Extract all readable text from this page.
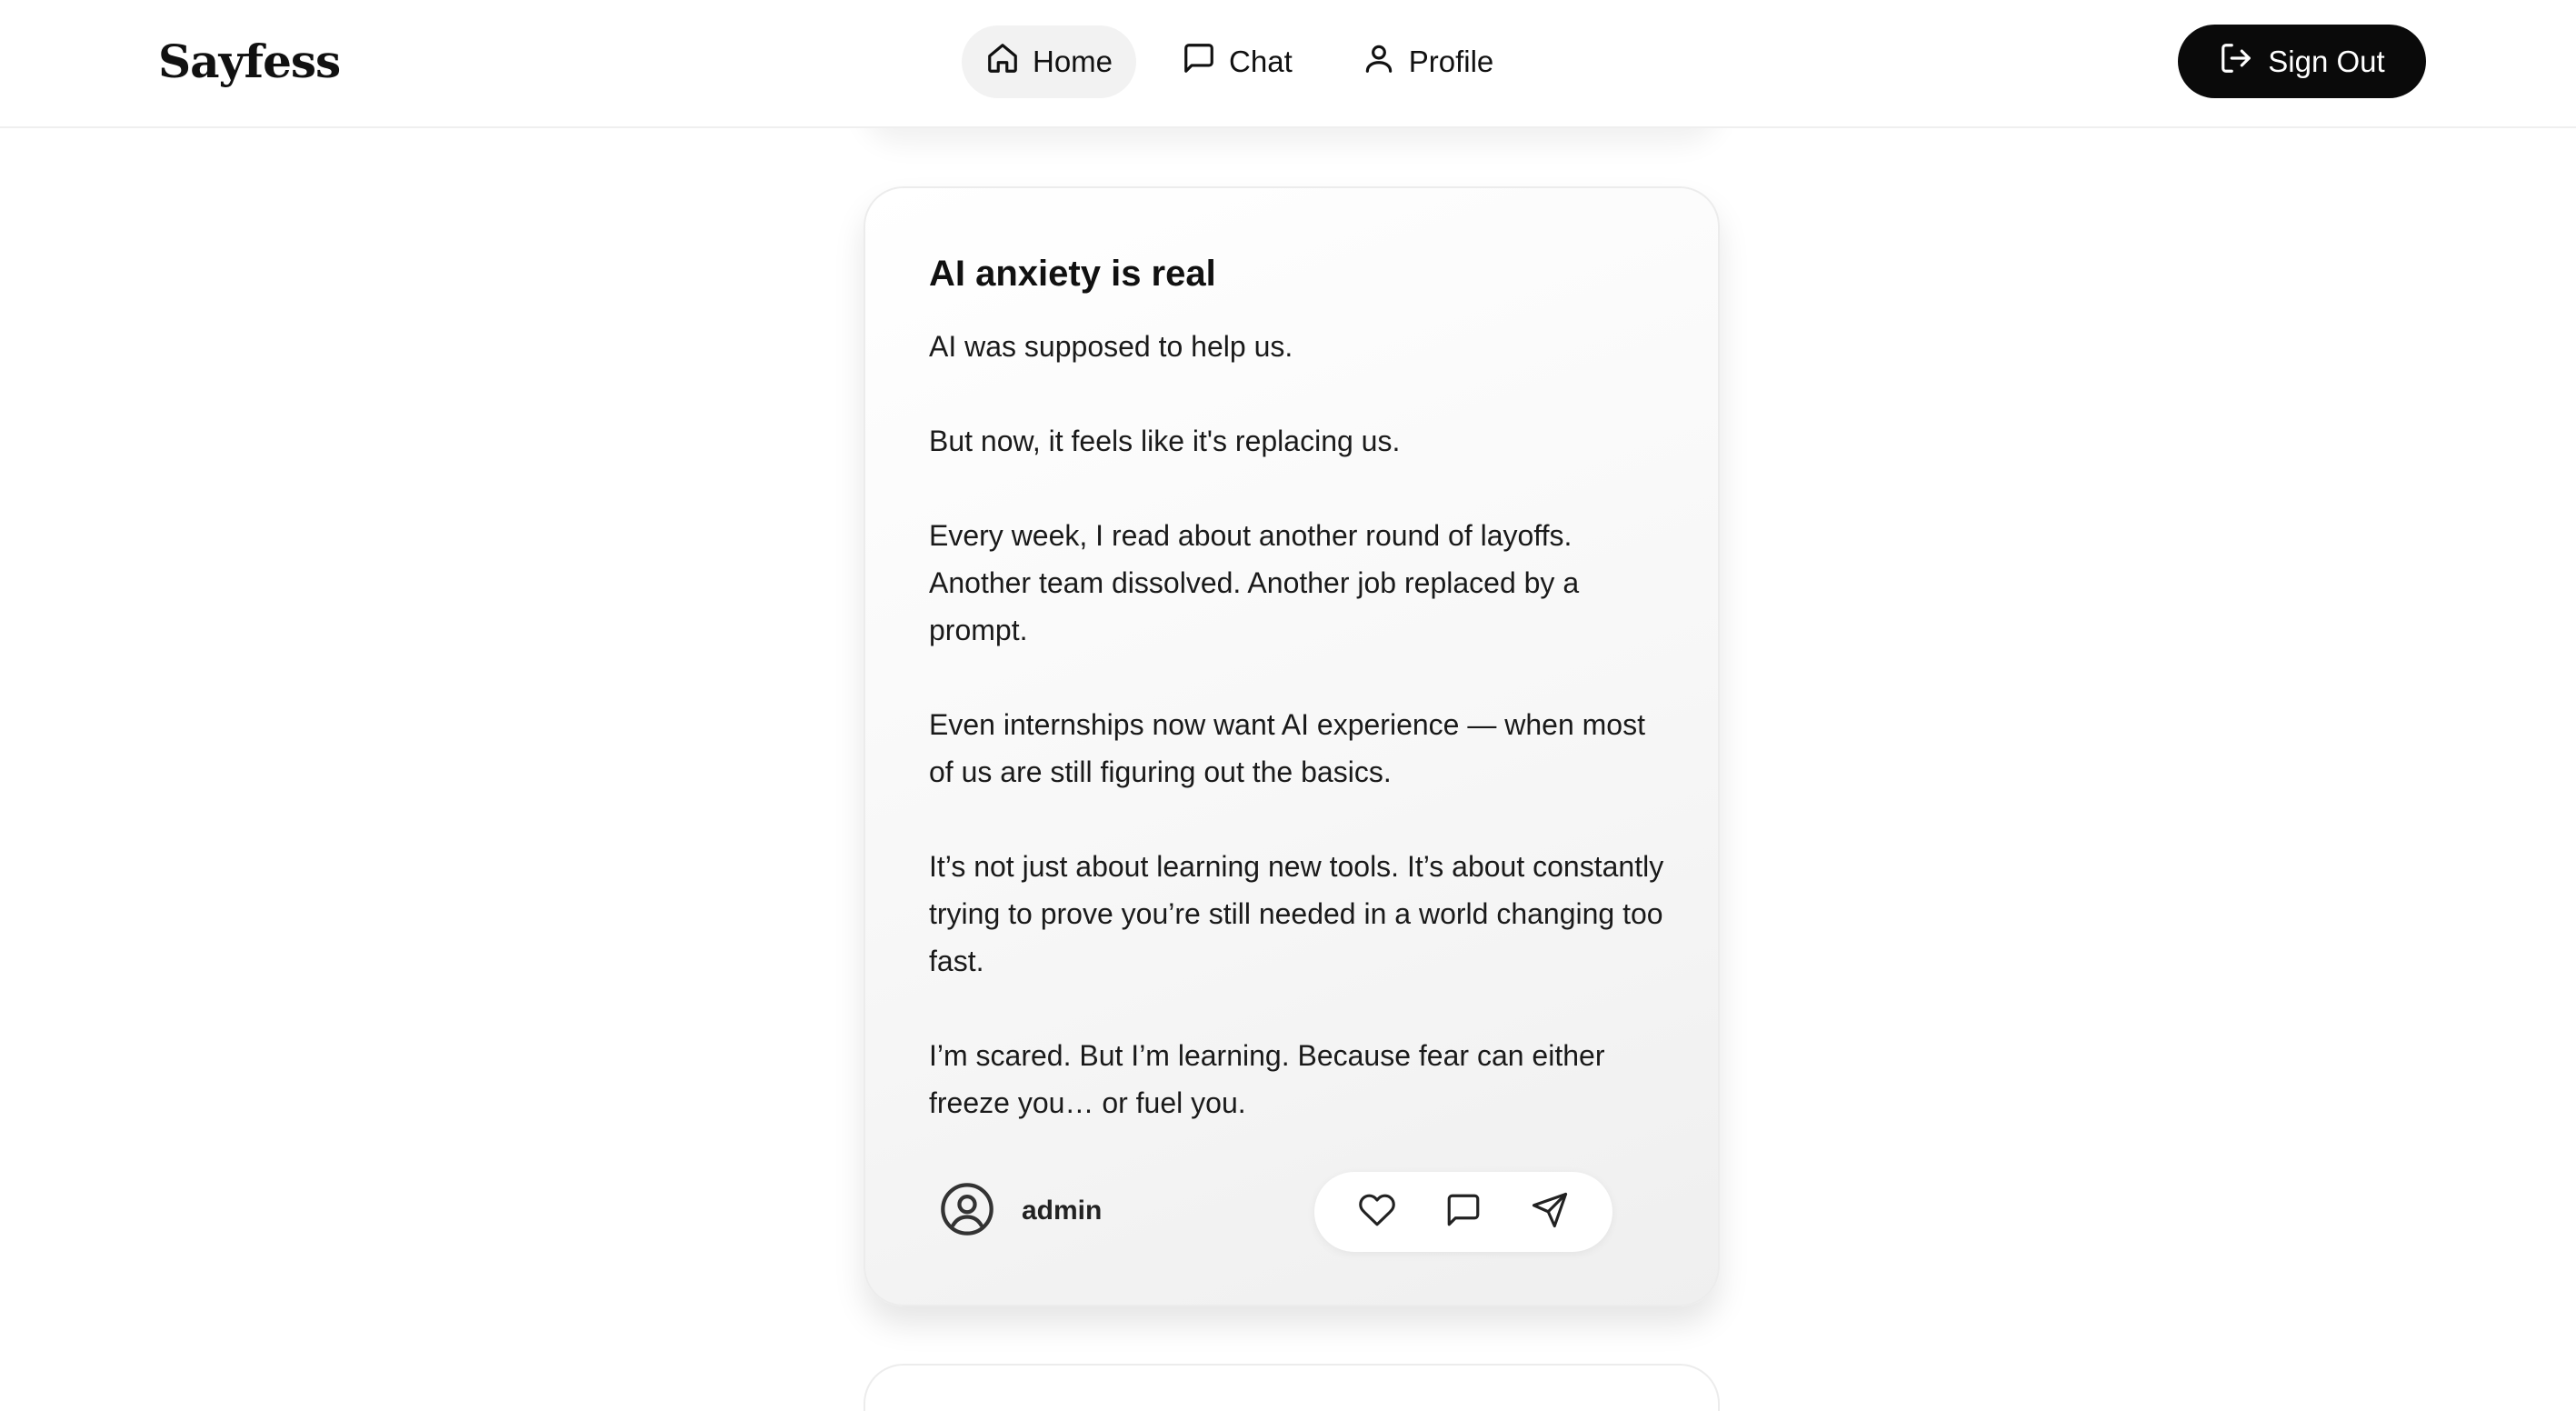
Sayfess	Home	Chat	Profile	Sign Out
AI anxiety is real

AI was supposed to help us.

But now, it feels like it's replacing us.

Every week, I read about another round of layoffs. Another team dissolved. Another job replaced by a prompt.

Even internships now want AI experience — when most of us are still figuring out the basics.

It’s not just about learning new tools. It’s about constantly trying to prove you’re still needed in a world changing too fast.

I’m scared. But I’m learning. Because fear can either freeze you… or fuel you.

admin
